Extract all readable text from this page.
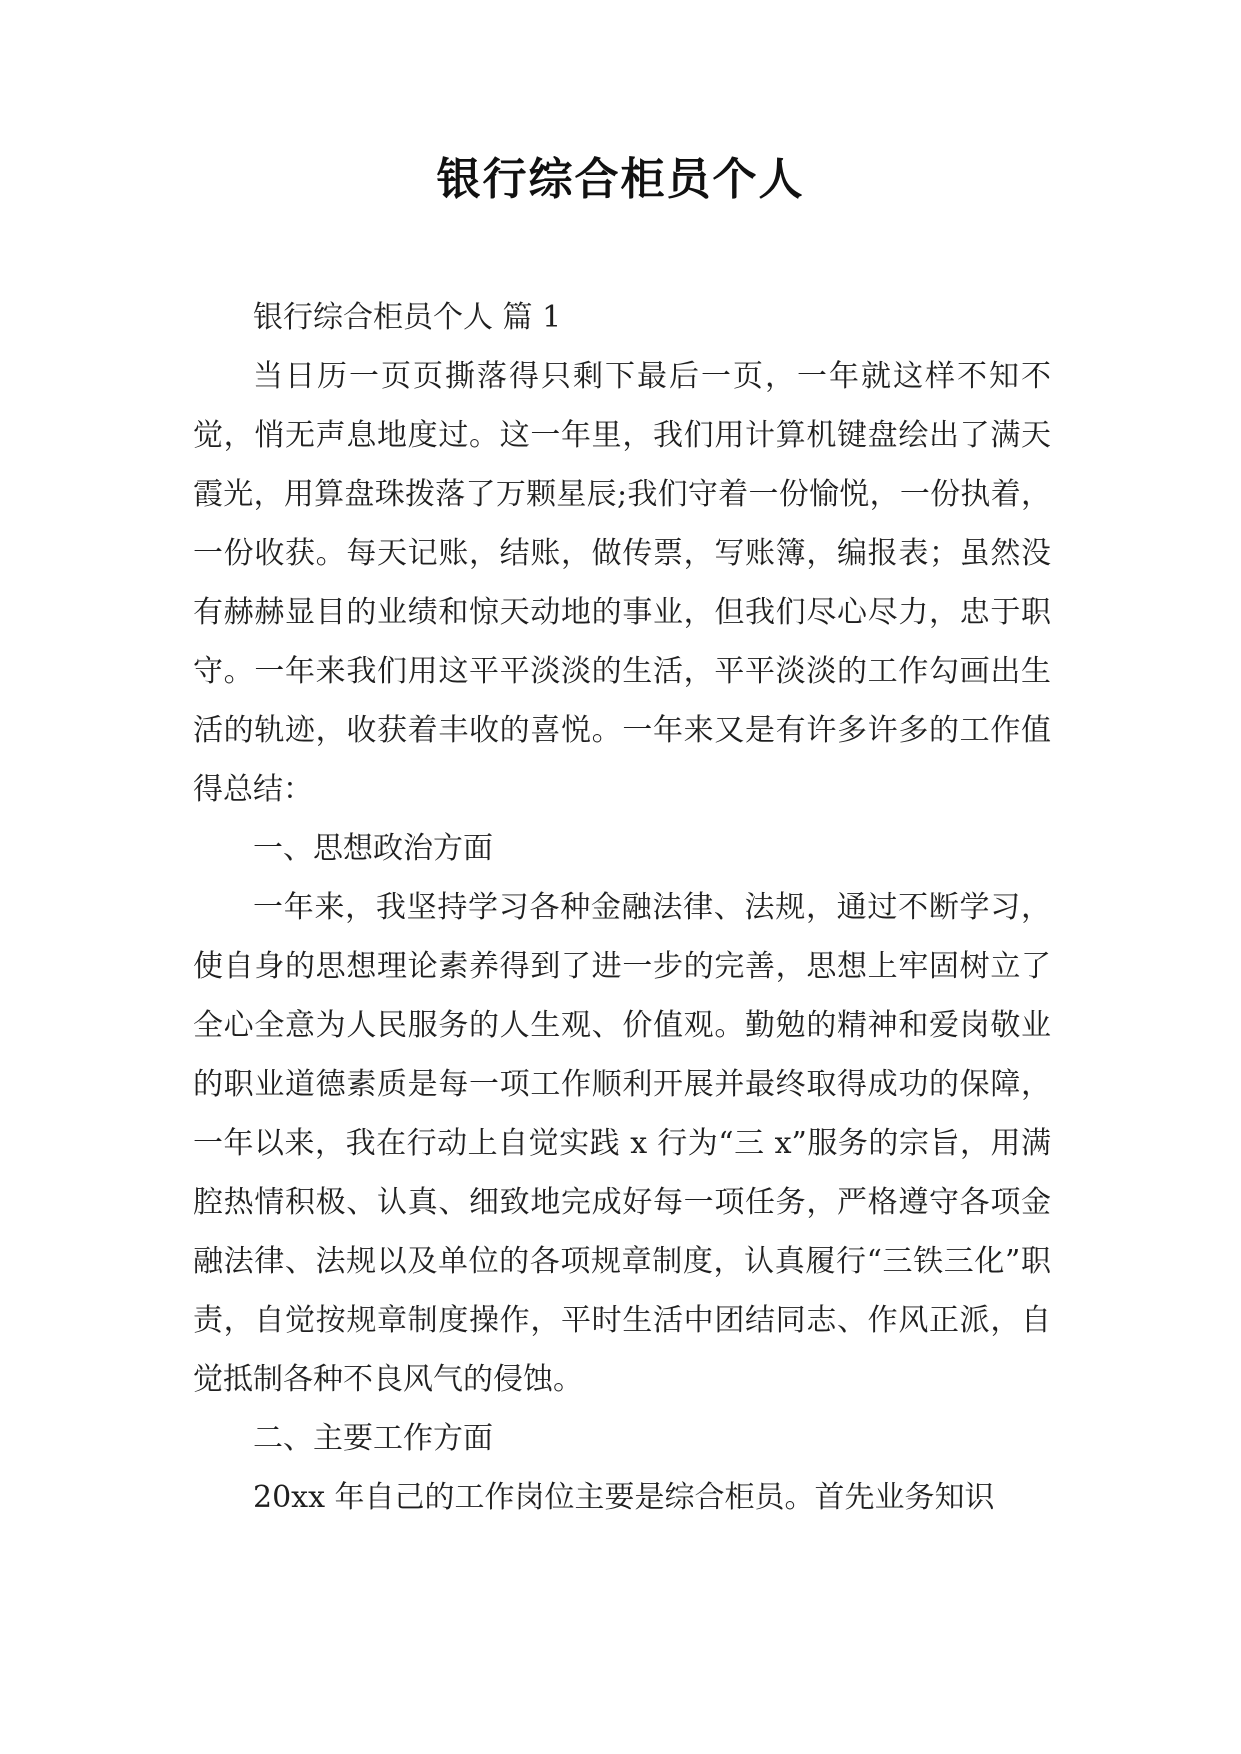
银行综合柜员个人

银行综合柜员个人 篇 1

当日历一页页撕落得只剩下最后一页，一年就这样不知不觉，悄无声息地度过。这一年里，我们用计算机键盘绘出了满天霞光，用算盘珠拨落了万颗星辰;我们守着一份愉悦，一份执着，一份收获。每天记账，结账，做传票，写账簿，编报表；虽然没有赫赫显目的业绩和惊天动地的事业，但我们尽心尽力，忠于职守。一年来我们用这平平淡淡的生活，平平淡淡的工作勾画出生活的轨迹，收获着丰收的喜悦。一年来又是有许多许多的工作值得总结：

一、思想政治方面

一年来，我坚持学习各种金融法律、法规，通过不断学习，使自身的思想理论素养得到了进一步的完善，思想上牢固树立了全心全意为人民服务的人生观、价值观。勤勉的精神和爱岗敬业的职业道德素质是每一项工作顺利开展并最终取得成功的保障，一年以来，我在行动上自觉实践 x 行为“三 x”服务的宗旨，用满腔热情积极、认真、细致地完成好每一项任务，严格遵守各项金融法律、法规以及单位的各项规章制度，认真履行“三铁三化”职责，自觉按规章制度操作，平时生活中团结同志、作风正派，自觉抵制各种不良风气的侵蚀。

二、主要工作方面

20xx 年自己的工作岗位主要是综合柜员。首先业务知识
